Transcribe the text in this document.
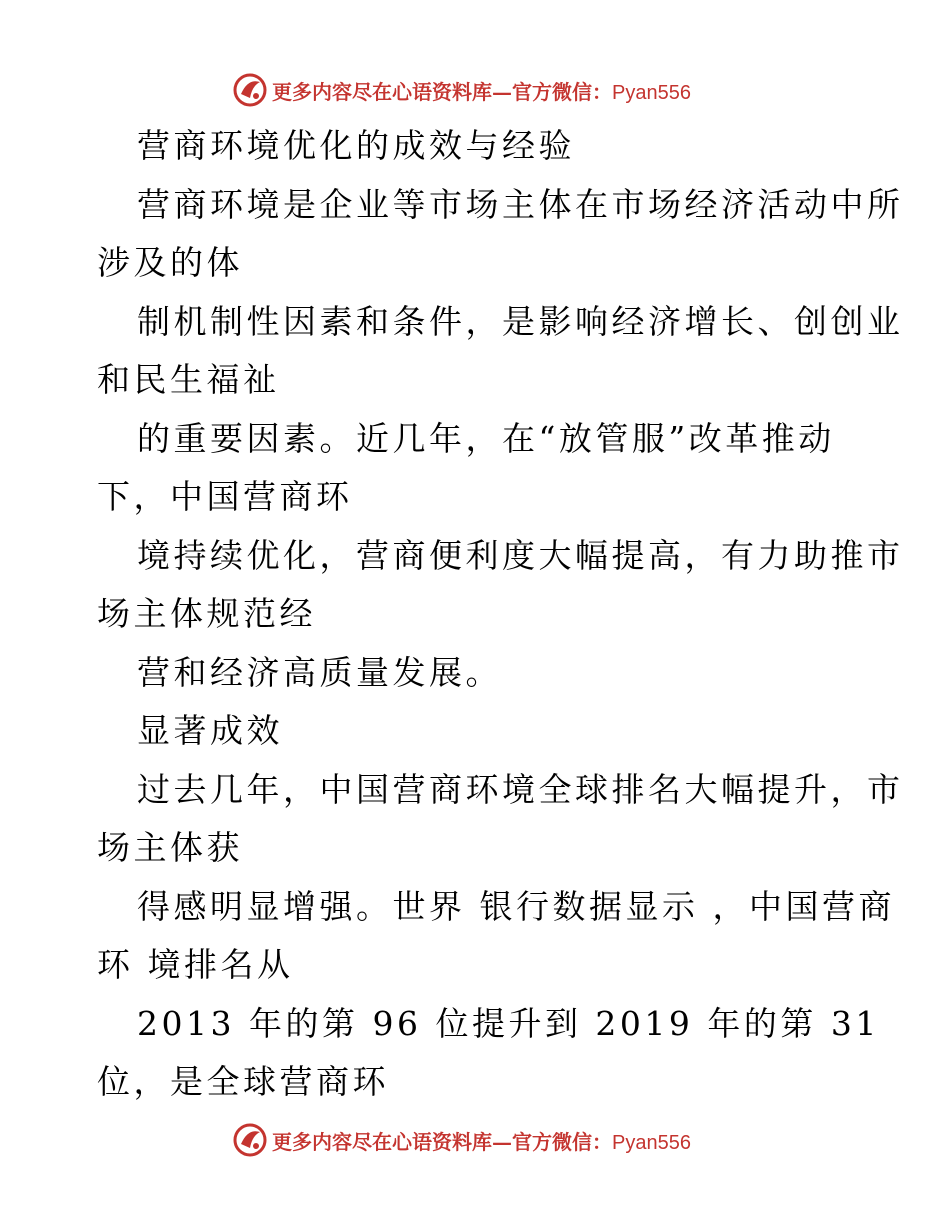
更多内容尽在心语资料库—官方微信：Pyan556
营商环境优化的成效与经验
营商环境是企业等市场主体在市场经济活动中所
涉及的体
制机制性因素和条件，是影响经济增长、创创业
和民生福祉
的重要因素。近几年，在“放管服”改革推动
下，中国营商环
境持续优化，营商便利度大幅提高，有力助推市
场主体规范经
营和经济高质量发展。
显著成效
过去几年，中国营商环境全球排名大幅提升，市
场主体获
得感明显增强。世界 银行数据显示 ，中国营商
环 境排名从
2013 年的第 96 位提升到 2019 年的第 31
位，是全球营商环
更多内容尽在心语资料库—官方微信：Pyan556
